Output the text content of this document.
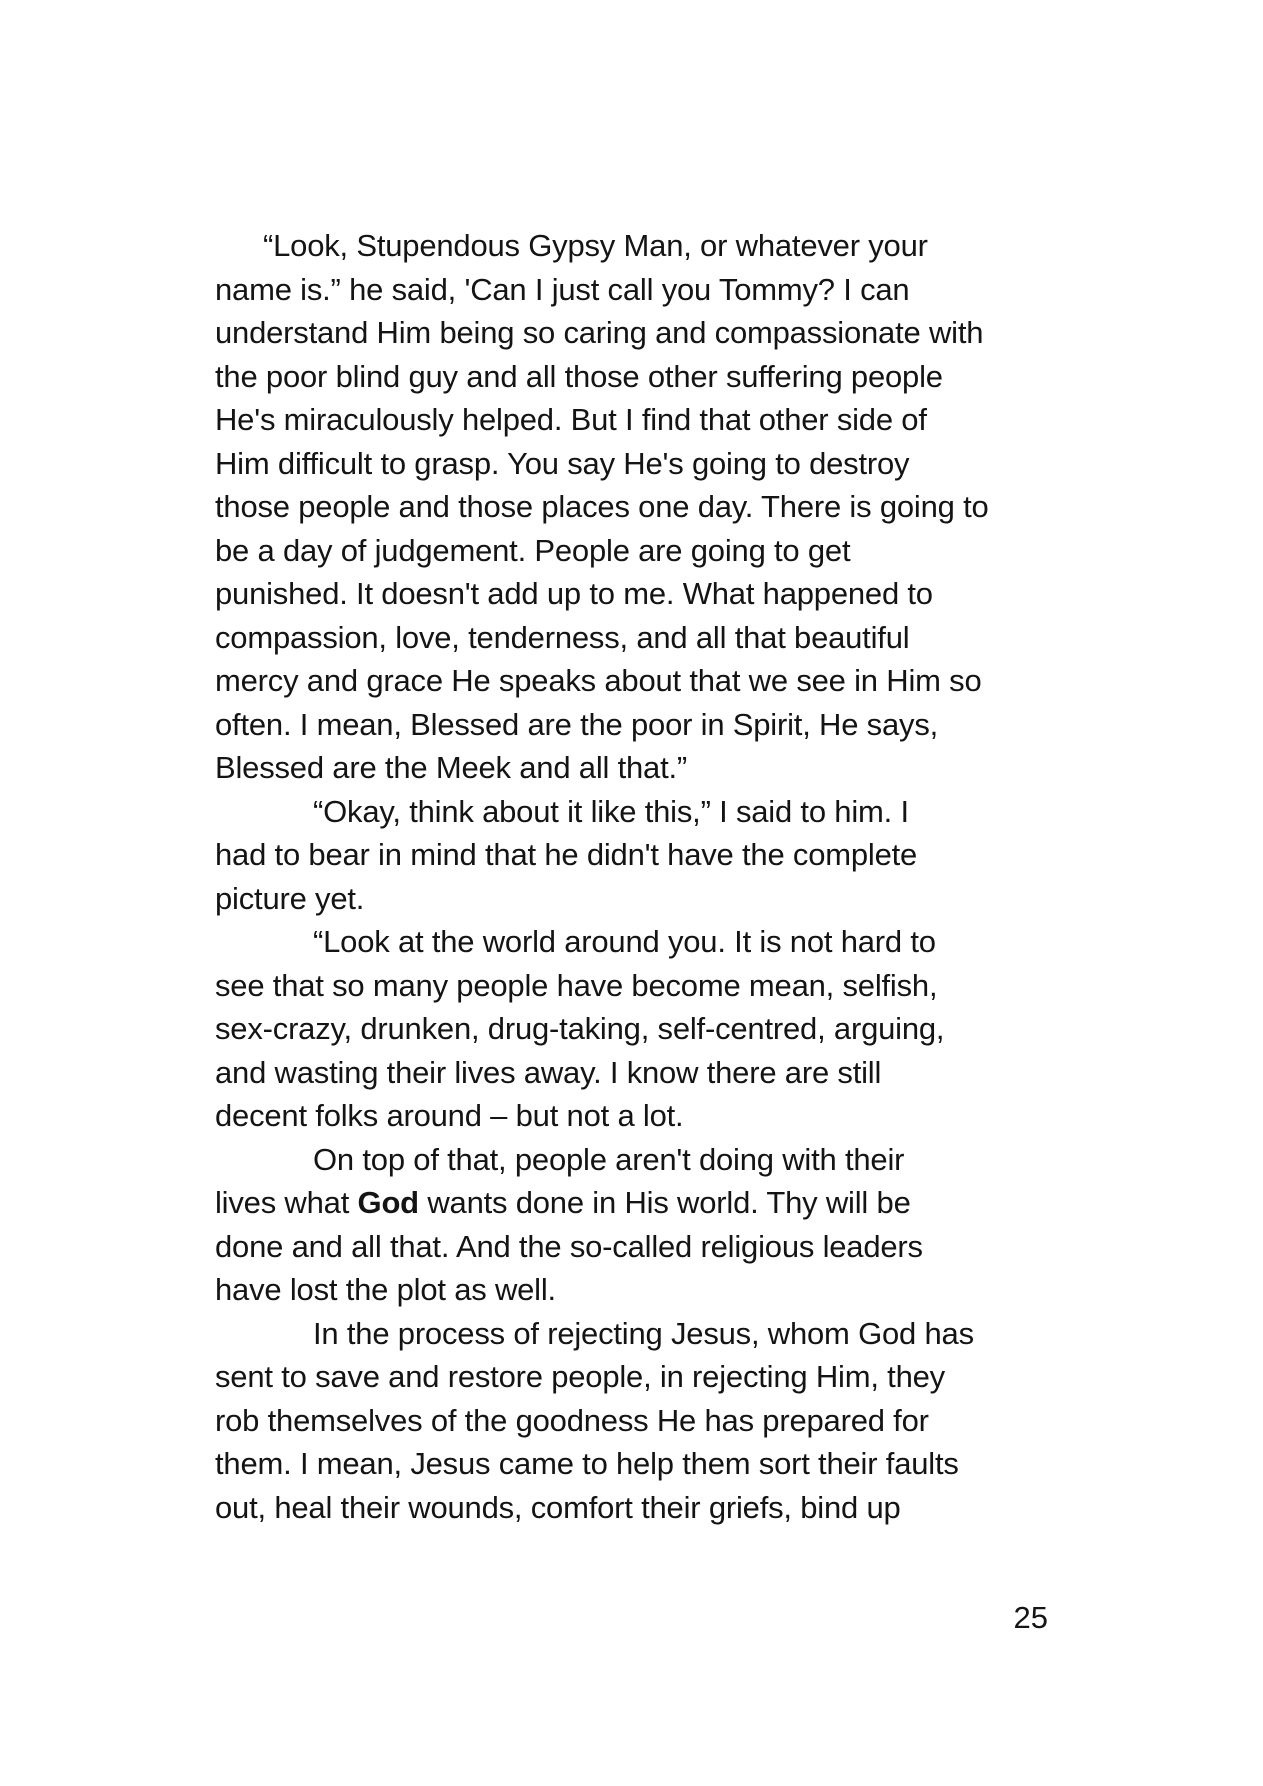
“Look, Stupendous Gypsy Man, or whatever your
name is.” he said, 'Can I just call you Tommy? I can
understand Him being so caring and compassionate with
the poor blind guy and all those other suffering people
He's miraculously helped. But I find that other side of
Him difficult to grasp. You say He's going to destroy
those people and those places one day. There is going to
be a day of judgement. People are going to get
punished. It doesn't add up to me. What happened to
compassion, love, tenderness, and all that beautiful
mercy and grace He speaks about that we see in Him so
often. I mean, Blessed are the poor in Spirit, He says,
Blessed are the Meek and all that.”

“Okay, think about it like this,” I said to him. I
had to bear in mind that he didn't have the complete
picture yet.

“Look at the world around you. It is not hard to
see that so many people have become mean, selfish,
sex-crazy, drunken, drug-taking, self-centred, arguing,
and wasting their lives away. I know there are still
decent folks around – but not a lot.

On top of that, people aren't doing with their
lives what God wants done in His world. Thy will be
done and all that. And the so-called religious leaders
have lost the plot as well.

In the process of rejecting Jesus, whom God has
sent to save and restore people, in rejecting Him, they
rob themselves of the goodness He has prepared for
them. I mean, Jesus came to help them sort their faults
out, heal their wounds, comfort their griefs, bind up

25
